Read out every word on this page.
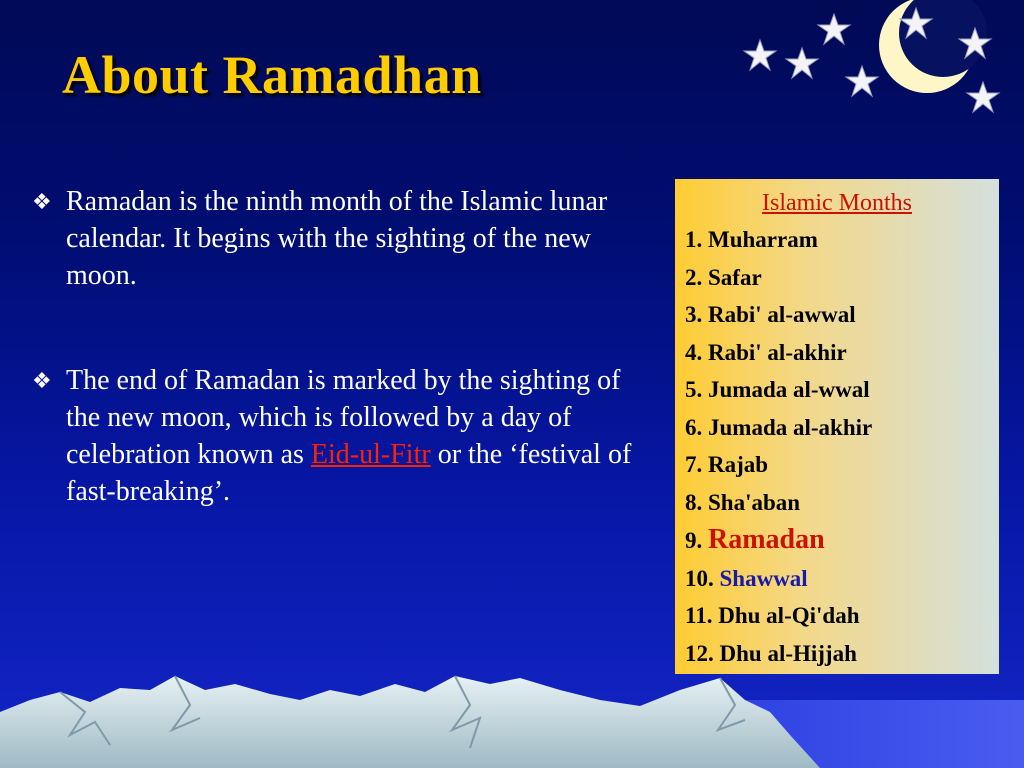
About Ramadhan
❖ Ramadan is the ninth month of the Islamic lunar calendar. It begins with the sighting of the new moon.
❖ The end of Ramadan is marked by the sighting of the new moon, which is followed by a day of celebration known as Eid-ul-Fitr or the ‘festival of fast-breaking’.
Islamic Months
1. Muharram
2. Safar
3. Rabi' al-awwal
4. Rabi' al-akhir
5. Jumada al-wwal
6. Jumada al-akhir
7. Rajab
8. Sha'aban
9. Ramadan
10. Shawwal
11. Dhu al-Qi'dah
12. Dhu al-Hijjah
